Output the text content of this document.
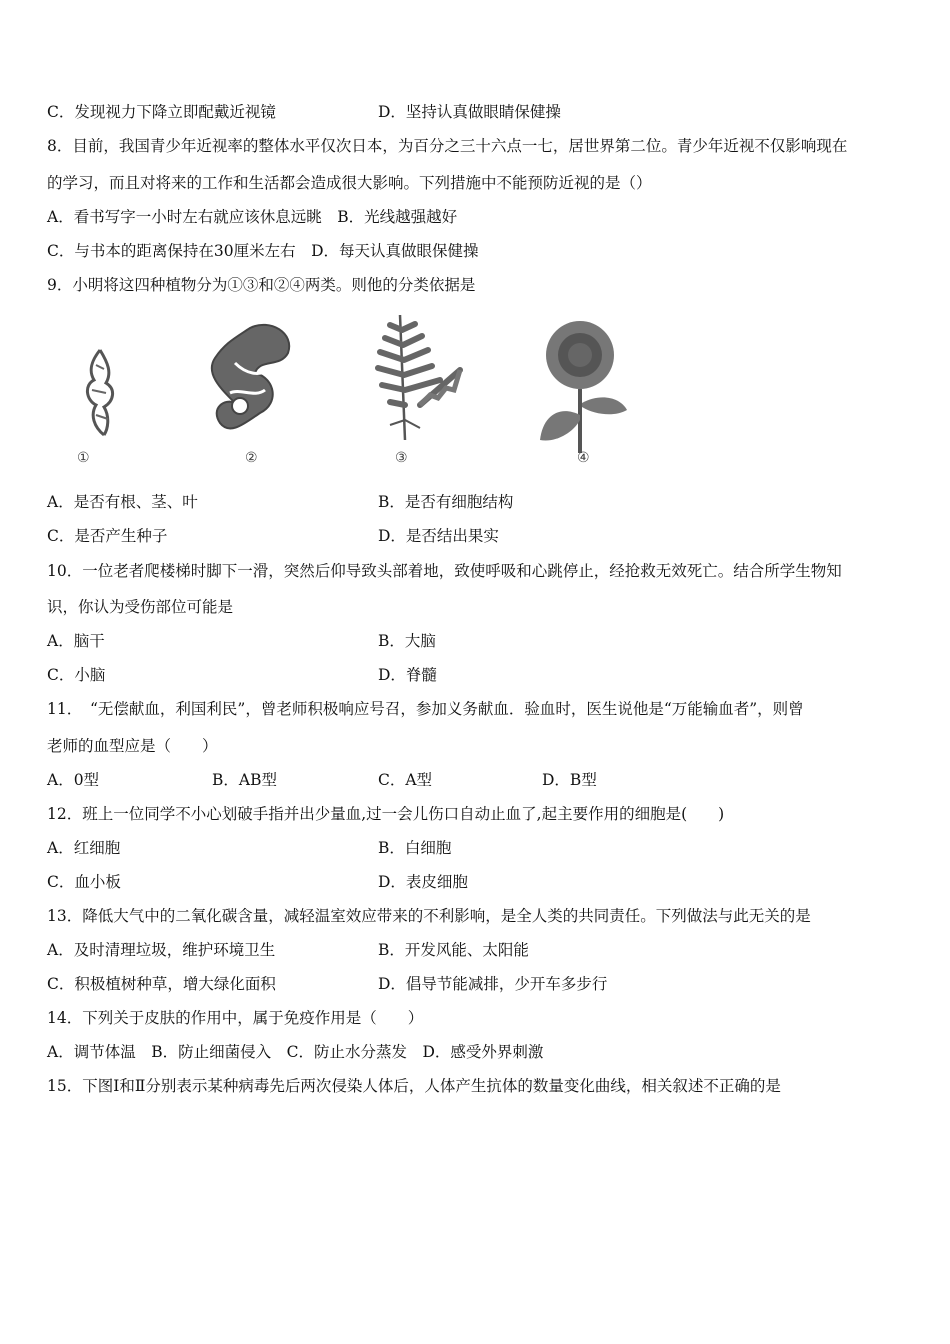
C．发现视力下降立即配戴近视镜	D．坚持认真做眼睛保健操
8．目前，我国青少年近视率的整体水平仅次日本，为百分之三十六点一七，居世界第二位。青少年近视不仅影响现在
的学习，而且对将来的工作和生活都会造成很大影响。下列措施中不能预防近视的是（）
A．看书写字一小时左右就应该休息远眺　B．光线越强越好
C．与书本的距离保持在30厘米左右　D．每天认真做眼保健操
9．小明将这四种植物分为①③和②④两类。则他的分类依据是
①	②	③	④
A．是否有根、茎、叶	B．是否有细胞结构
C．是否产生种子	D．是否结出果实
10．一位老者爬楼梯时脚下一滑，突然后仰导致头部着地，致使呼吸和心跳停止，经抢救无效死亡。结合所学生物知
识，你认为受伤部位可能是
A．脑干	B．大脑
C．小脑	D．脊髓
11．　“无偿献血，利国利民”，曾老师积极响应号召，参加义务献血．验血时，医生说他是“万能输血者”，则曾
老师的血型应是（　　）
A．0型	B．AB型	C．A型	D．B型
12．班上一位同学不小心划破手指并出少量血,过一会儿伤口自动止血了,起主要作用的细胞是(　　)
A．红细胞	B．白细胞
C．血小板	D．表皮细胞
13．降低大气中的二氧化碳含量，减轻温室效应带来的不利影响，是全人类的共同责任。下列做法与此无关的是
A．及时清理垃圾，维护环境卫生	B．开发风能、太阳能
C．积极植树种草，增大绿化面积	D．倡导节能减排，少开车多步行
14．下列关于皮肤的作用中，属于免疫作用是（　　）
A．调节体温　B．防止细菌侵入　C．防止水分蒸发　D．感受外界刺激
15．下图Ⅰ和Ⅱ分别表示某种病毒先后两次侵染人体后，人体产生抗体的数量变化曲线，相关叙述不正确的是
